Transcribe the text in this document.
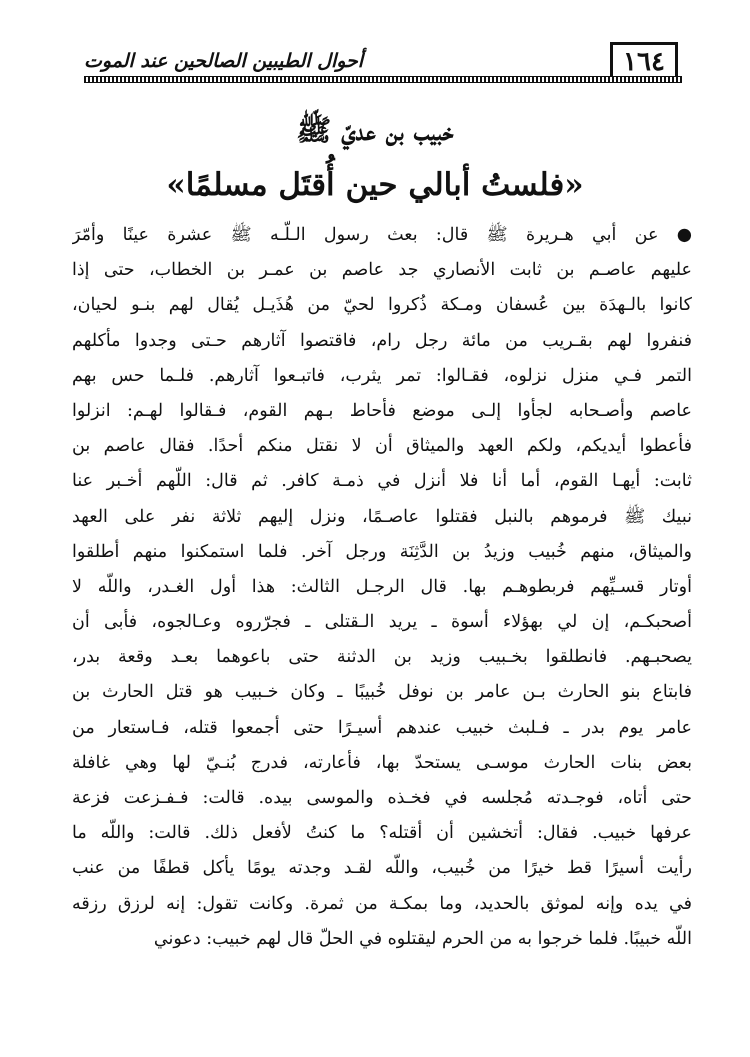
١٦٤
أحوال الطيبين الصالحين عند الموت
خبيب بن عديّ ﷺ
«فلستُ أبالي حين أُقتَل مسلمًا»
● عن أبي هـريرة ﷺ قال: بعث رسول الـلّـه ﷺ عشرة عينًا وأمّرَ
عليهم عاصـم بن ثابت الأنصاري جد عاصم بن عمـر بن الخطاب، حتى إذا
كانوا بالـهدَة بين عُسفان ومـكة ذُكروا لحيّ من هُذَيـل يُقال لهم بنـو لحيان،
فنفروا لهم بقـريب من مائة رجل رام، فاقتصوا آثارهم حـتى وجدوا مأكلهم
التمر فـي منزل نزلوه، فقـالوا: تمر يثرب، فاتبـعوا آثارهم. فلـما حس بهم
عاصم وأصـحابه لجأوا إلـى موضع فأحاط بـهم القوم، فـقالوا لهـم: انزلوا
فأعطوا أيديكم، ولكم العهد والميثاق أن لا نقتل منكم أحدًا. فقال عاصم بن
ثابت: أيهـا القوم، أما أنا فلا أنزل في ذمـة كافر. ثم قال: اللّهم أخـبر عنا
نبيك ﷺ فرموهم بالنبل فقتلوا عاصـمًا، ونزل إليهم ثلاثة نفر على العهد
والميثاق، منهم خُبيب وزيدُ بن الدَّثِنَة ورجل آخر. فلما استمكنوا منهم أطلقوا
أوتار قسـيِّهم فربطوهـم بها. قال الرجـل الثالث: هذا أول الغـدر، واللّه لا
أصحبكـم، إن لي بهؤلاء أسوة ـ يريد الـقتلى ـ فجرّروه وعـالجوه، فأبى أن
يصحبـهم. فانطلقوا بخـبيب وزيد بن الدثنة حتى باعوهما بعـد وقعة بدر،
فابتاع بنو الحارث بـن عامر بن نوفل خُبيبًا ـ وكان خـبيب هو قتل الحارث بن
عامر يوم بدر ـ فـلبث خبيب عندهم أسيـرًا حتى أجمعوا قتله، فـاستعار من
بعض بنات الحارث موسـى يستحدّ بها، فأعارته، فدرج بُنـيّ لها وهي غافلة
حتى أتاه، فوجـدته مُجلسه في فخـذه والموسى بيده. قالت: فـفـزعت فزعة
عرفها خبيب. فقال: أتخشين أن أقتله؟ ما كنتُ لأفعل ذلك. قالت: واللّه ما
رأيت أسيرًا قط خيرًا من خُبيب، واللّه لقـد وجدته يومًا يأكل قطفًا من عنب
في يده وإنه لموثق بالحديد، وما بمكـة من ثمرة. وكانت تقول: إنه لرزق رزقه
اللّه خبيبًا. فلما خرجوا به من الحرم ليقتلوه في الحلّ قال لهم خبيب: دعوني
